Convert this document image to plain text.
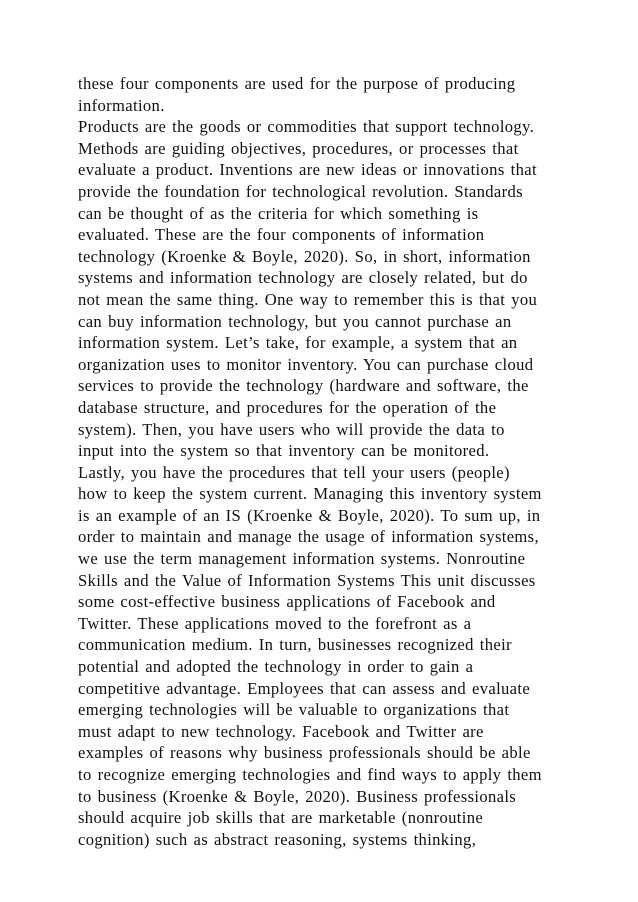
these four components are used for the purpose of producing
information.
Products are the goods or commodities that support technology.
Methods are guiding objectives, procedures, or processes that
evaluate a product. Inventions are new ideas or innovations that
provide the foundation for technological revolution. Standards
can be thought of as the criteria for which something is
evaluated. These are the four components of information
technology (Kroenke & Boyle, 2020). So, in short, information
systems and information technology are closely related, but do
not mean the same thing. One way to remember this is that you
can buy information technology, but you cannot purchase an
information system. Let’s take, for example, a system that an
organization uses to monitor inventory. You can purchase cloud
services to provide the technology (hardware and software, the
database structure, and procedures for the operation of the
system). Then, you have users who will provide the data to
input into the system so that inventory can be monitored.
Lastly, you have the procedures that tell your users (people)
how to keep the system current. Managing this inventory system
is an example of an IS (Kroenke & Boyle, 2020). To sum up, in
order to maintain and manage the usage of information systems,
we use the term management information systems. Nonroutine
Skills and the Value of Information Systems This unit discusses
some cost-effective business applications of Facebook and
Twitter. These applications moved to the forefront as a
communication medium. In turn, businesses recognized their
potential and adopted the technology in order to gain a
competitive advantage. Employees that can assess and evaluate
emerging technologies will be valuable to organizations that
must adapt to new technology. Facebook and Twitter are
examples of reasons why business professionals should be able
to recognize emerging technologies and find ways to apply them
to business (Kroenke & Boyle, 2020). Business professionals
should acquire job skills that are marketable (nonroutine
cognition) such as abstract reasoning, systems thinking,
